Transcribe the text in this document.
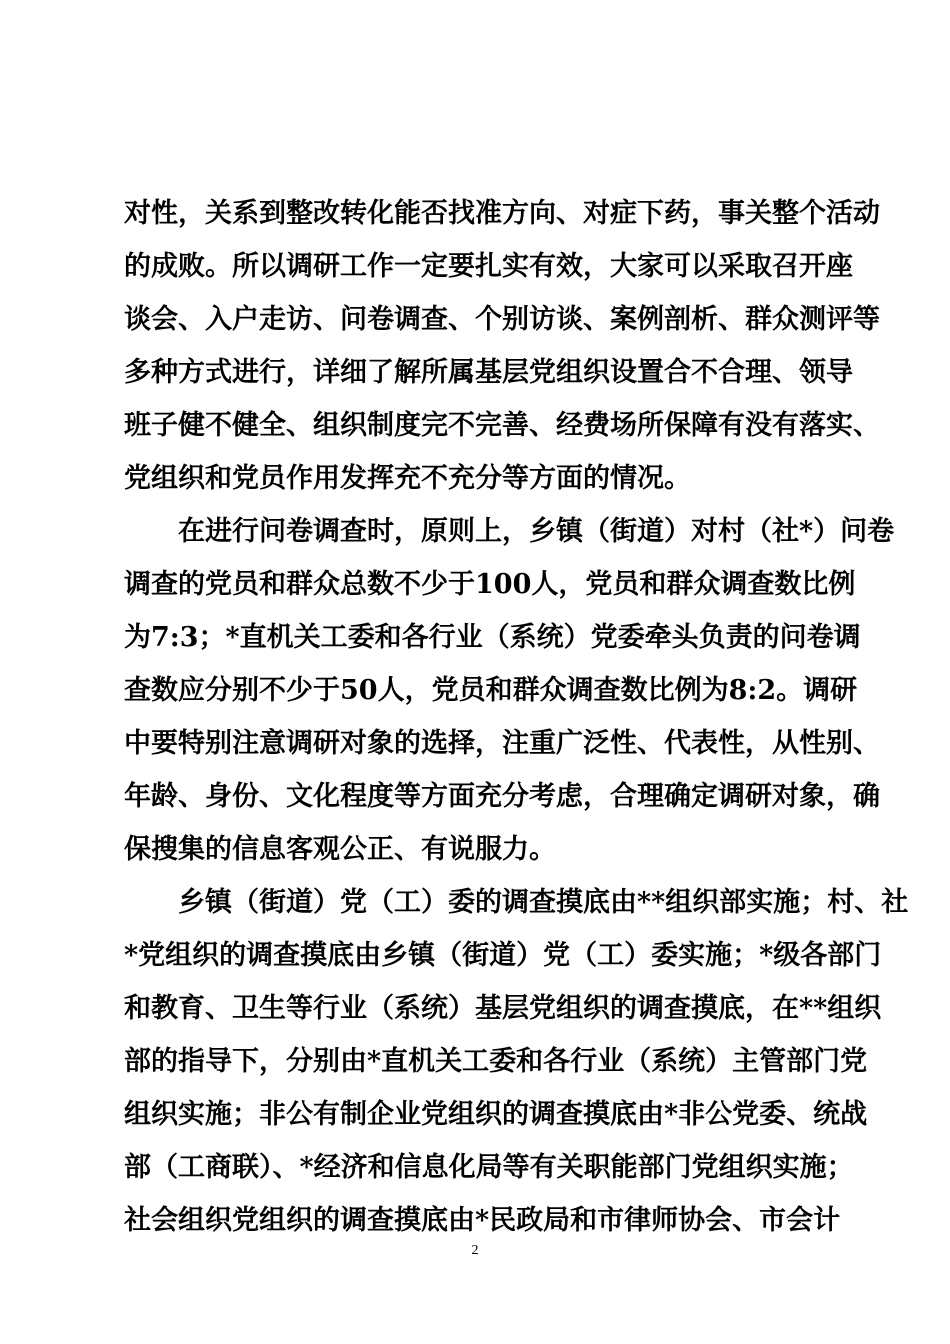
对性，关系到整改转化能否找准方向、对症下药，事关整个活动
的成败。所以调研工作一定要扎实有效，大家可以采取召开座
谈会、入户走访、问卷调查、个别访谈、案例剖析、群众测评等
多种方式进行，详细了解所属基层党组织设置合不合理、领导
班子健不健全、组织制度完不完善、经费场所保障有没有落实、
党组织和党员作用发挥充不充分等方面的情况。
在进行问卷调查时，原则上，乡镇（街道）对村（社*）问卷
调查的党员和群众总数不少于100人，党员和群众调查数比例
为7:3；*直机关工委和各行业（系统）党委牵头负责的问卷调
查数应分别不少于50人，党员和群众调查数比例为8:2。调研
中要特别注意调研对象的选择，注重广泛性、代表性，从性别、
年龄、身份、文化程度等方面充分考虑，合理确定调研对象，确
保搜集的信息客观公正、有说服力。
乡镇（街道）党（工）委的调查摸底由**组织部实施；村、社
*党组织的调查摸底由乡镇（街道）党（工）委实施；*级各部门
和教育、卫生等行业（系统）基层党组织的调查摸底，在**组织
部的指导下，分别由*直机关工委和各行业（系统）主管部门党
组织实施；非公有制企业党组织的调查摸底由*非公党委、统战
部（工商联）、*经济和信息化局等有关职能部门党组织实施；
社会组织党组织的调查摸底由*民政局和市律师协会、市会计
2
